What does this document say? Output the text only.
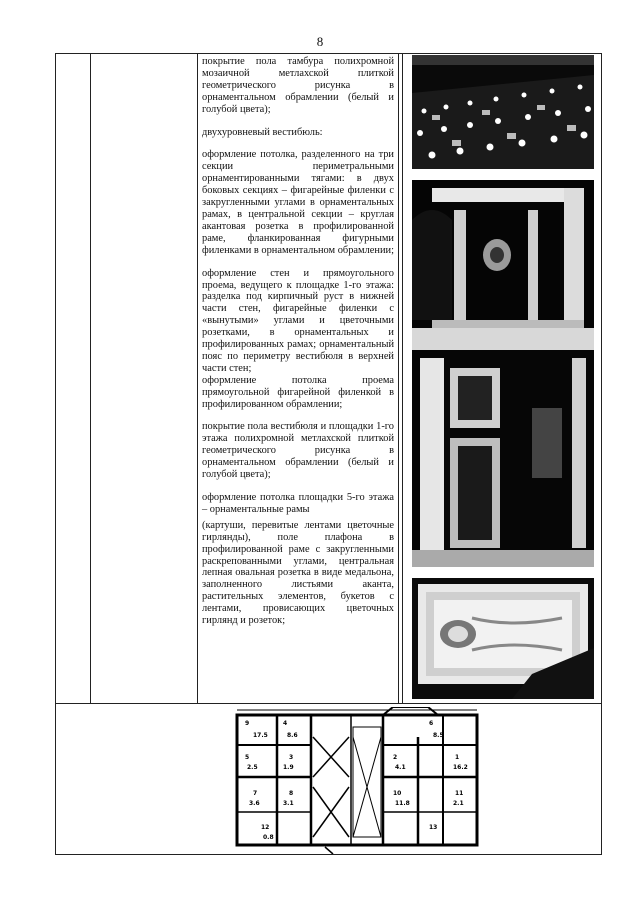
8

покрытие пола тамбура полихромной мозаичной метлахской плиткой геометрического рисунка в орнаментальном обрамлении (белый и голубой цвета);

двухуровневый вестибюль:

оформление потолка, разделенного на три секции периметральными орнаментированными тягами: в двух боковых секциях – фигарейные филенки с закругленными углами в орнаментальных рамах, в центральной секции – круглая акантовая розетка в профилированной раме, фланкированная фигурными филенками в орнаментальном обрамлении;

оформление стен и прямоугольного проема, ведущего к площадке 1-го этажа: разделка под кирпичный руст в нижней части стен, фигарейные филенки с «вынутыми» углами и цветочными розетками, в орнаментальных и профилированных рамах; орнаментальный пояс по периметру вестибюля в верхней части стен;

оформление потолка проема прямоугольной фигарейной филенкой в профилированном обрамлении;

покрытие пола вестибюля и площадки 1-го этажа полихромной метлахской плиткой геометрического рисунка в орнаментальном обрамлении (белый и голубой цвета);

оформление потолка площадки 5-го этажа – орнаментальные рамы

(картуши, перевитые лентами цветочные гирлянды), поле плафона в профилированной раме с закругленными раскрепованными углами, центральная лепная овальная розетка в виде медальона, заполненного листьями аканта, растительных элементов, букетов с лентами, провисающих цветочных гирлянд и розеток;

9	4
3
5
7	8
6
2	1
10	11
12	13
17.5	8.6
1.9
2.5
3.6	3.1
8.5
4.1	16.2
11.8	2.1
0.8
